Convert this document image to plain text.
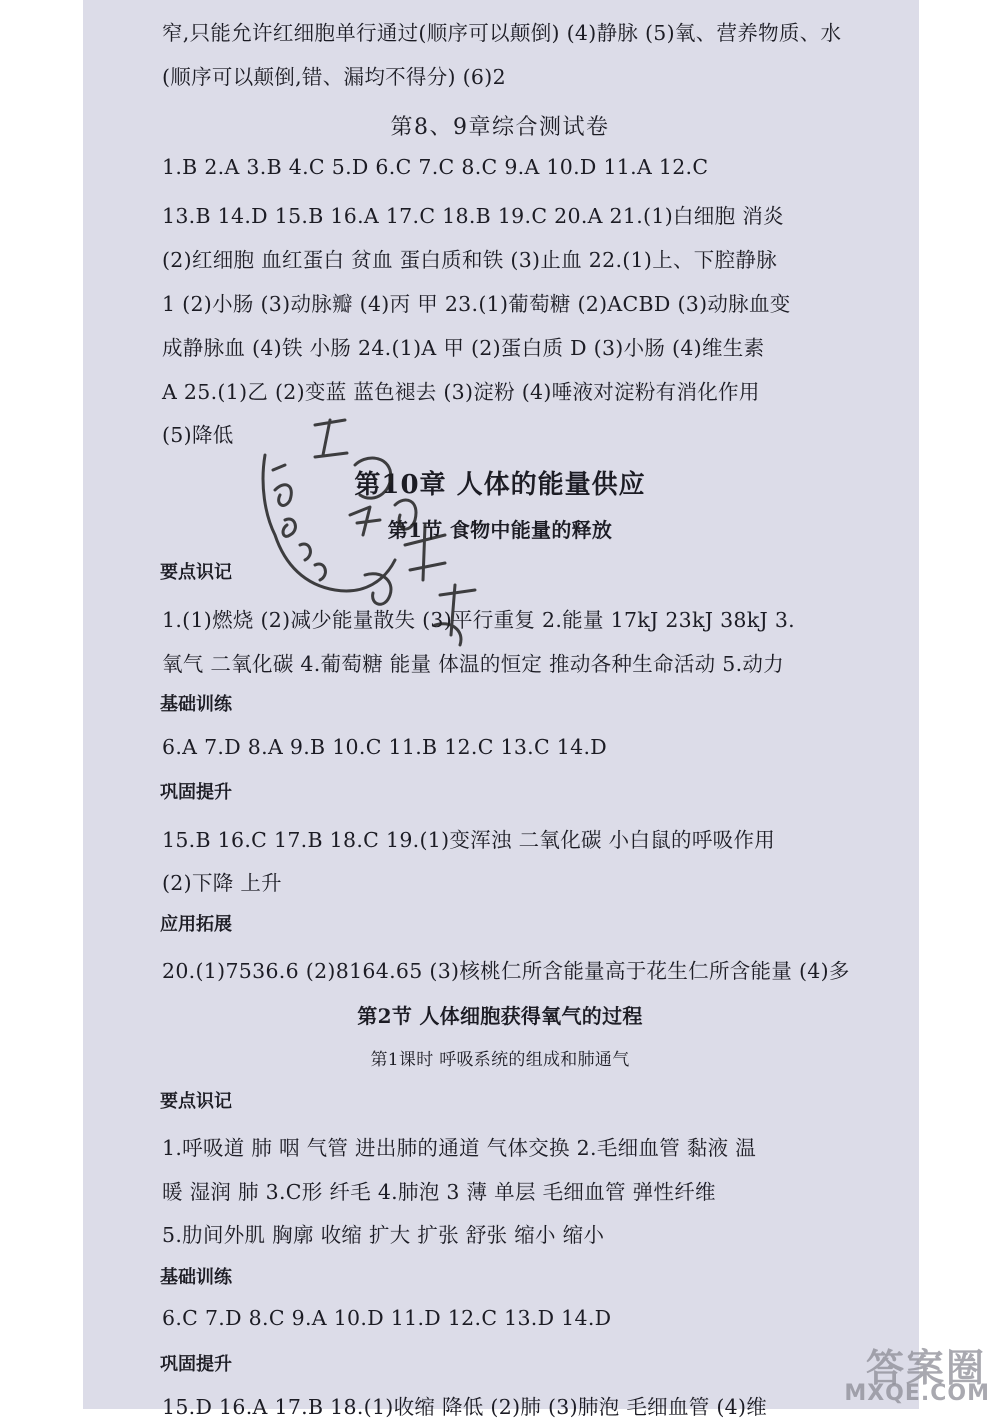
窄,只能允许红细胞单行通过(顺序可以颠倒) (4)静脉 (5)氧、营养物质、水
(顺序可以颠倒,错、漏均不得分) (6)2
第8、9章综合测试卷
1.B 2.A 3.B 4.C 5.D 6.C 7.C 8.C 9.A 10.D 11.A 12.C
13.B 14.D 15.B 16.A 17.C 18.B 19.C 20.A 21.(1)白细胞 消炎
(2)红细胞 血红蛋白 贫血 蛋白质和铁 (3)止血 22.(1)上、下腔静脉
1 (2)小肠 (3)动脉瓣 (4)丙 甲 23.(1)葡萄糖 (2)ACBD (3)动脉血变
成静脉血 (4)铁 小肠 24.(1)A 甲 (2)蛋白质 D (3)小肠 (4)维生素
A 25.(1)乙 (2)变蓝 蓝色褪去 (3)淀粉 (4)唾液对淀粉有消化作用
(5)降低
第10章 人体的能量供应
第1节 食物中能量的释放
要点识记
1.(1)燃烧 (2)减少能量散失 (3)平行重复 2.能量 17kJ 23kJ 38kJ 3.
氧气 二氧化碳 4.葡萄糖 能量 体温的恒定 推动各种生命活动 5.动力
基础训练
6.A 7.D 8.A 9.B 10.C 11.B 12.C 13.C 14.D
巩固提升
15.B 16.C 17.B 18.C 19.(1)变浑浊 二氧化碳 小白鼠的呼吸作用
(2)下降 上升
应用拓展
20.(1)7536.6 (2)8164.65 (3)核桃仁所含能量高于花生仁所含能量 (4)多
第2节 人体细胞获得氧气的过程
第1课时 呼吸系统的组成和肺通气
要点识记
1.呼吸道 肺 咽 气管 进出肺的通道 气体交换 2.毛细血管 黏液 温
暖 湿润 肺 3.C形 纤毛 4.肺泡 3 薄 单层 毛细血管 弹性纤维
5.肋间外肌 胸廓 收缩 扩大 扩张 舒张 缩小 缩小
基础训练
6.C 7.D 8.C 9.A 10.D 11.D 12.C 13.D 14.D
巩固提升
15.D 16.A 17.B 18.(1)收缩 降低 (2)肺 (3)肺泡 毛细血管 (4)维
答案圈
MXQE.COM
